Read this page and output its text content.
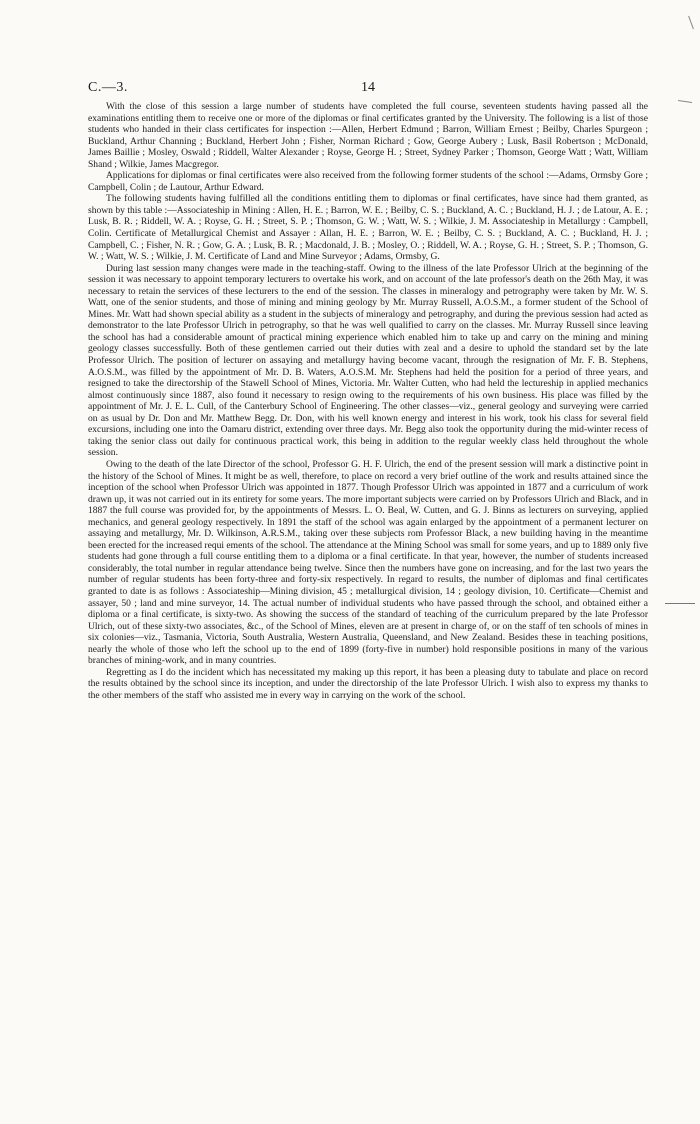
C.—3.	14

With the close of this session a large number of students have completed the full course, seventeen students having passed all the examinations entitling them to receive one or more of the diplomas or final certificates granted by the University. The following is a list of those students who handed in their class certificates for inspection :—Allen, Herbert Edmund ; Barron, William Ernest ; Beilby, Charles Spurgeon ; Buckland, Arthur Channing ; Buckland, Herbert John ; Fisher, Norman Richard ; Gow, George Aubery ; Lusk, Basil Robertson ; McDonald, James Baillie ; Mosley, Oswald ; Riddell, Walter Alexander ; Royse, George H. ; Street, Sydney Parker ; Thomson, George Watt ; Watt, William Shand ; Wilkie, James Macgregor.

Applications for diplomas or final certificates were also received from the following former students of the school :—Adams, Ormsby Gore ; Campbell, Colin ; de Lautour, Arthur Edward.

The following students having fulfilled all the conditions entitling them to diplomas or final certificates, have since had them granted, as shown by this table :—Associateship in Mining : Allen, H. E. ; Barron, W. E. ; Beilby, C. S. ; Buckland, A. C. ; Buckland, H. J. ; de Latour, A. E. ; Lusk, B. R. ; Riddell, W. A. ; Royse, G. H. ; Street, S. P. ; Thomson, G. W. ; Watt, W. S. ; Wilkie, J. M. Associateship in Metallurgy : Campbell, Colin. Certificate of Metallurgical Chemist and Assayer : Allan, H. E. ; Barron, W. E. ; Beilby, C. S. ; Buckland, A. C. ; Buckland, H. J. ; Campbell, C. ; Fisher, N. R. ; Gow, G. A. ; Lusk, B. R. ; Macdonald, J. B. ; Mosley, O. ; Riddell, W. A. ; Royse, G. H. ; Street, S. P. ; Thomson, G. W. ; Watt, W. S. ; Wilkie, J. M. Certificate of Land and Mine Surveyor ; Adams, Ormsby, G.

During last session many changes were made in the teaching-staff. Owing to the illness of the late Professor Ulrich at the beginning of the session it was necessary to appoint temporary lecturers to overtake his work, and on account of the late professor's death on the 26th May, it was necessary to retain the services of these lecturers to the end of the session. The classes in mineralogy and petrography were taken by Mr. W. S. Watt, one of the senior students, and those of mining and mining geology by Mr. Murray Russell, A.O.S.M., a former student of the School of Mines. Mr. Watt had shown special ability as a student in the subjects of mineralogy and petrography, and during the previous session had acted as demonstrator to the late Professor Ulrich in petrography, so that he was well qualified to carry on the classes. Mr. Murray Russell since leaving the school has had a considerable amount of practical mining experience which enabled him to take up and carry on the mining and mining geology classes successfully. Both of these gentlemen carried out their duties with zeal and a desire to uphold the standard set by the late Professor Ulrich. The position of lecturer on assaying and metallurgy having become vacant, through the resignation of Mr. F. B. Stephens, A.O.S.M., was filled by the appointment of Mr. D. B. Waters, A.O.S.M. Mr. Stephens had held the position for a period of three years, and resigned to take the directorship of the Stawell School of Mines, Victoria. Mr. Walter Cutten, who had held the lectureship in applied mechanics almost continuously since 1887, also found it necessary to resign owing to the requirements of his own business. His place was filled by the appointment of Mr. J. E. L. Cull, of the Canterbury School of Engineering. The other classes—viz., general geology and surveying were carried on as usual by Dr. Don and Mr. Matthew Begg. Dr. Don, with his well known energy and interest in his work, took his class for several field excursions, including one into the Oamaru district, extending over three days. Mr. Begg also took the opportunity during the mid-winter recess of taking the senior class out daily for continuous practical work, this being in addition to the regular weekly class held throughout the whole session.

Owing to the death of the late Director of the school, Professor G. H. F. Ulrich, the end of the present session will mark a distinctive point in the history of the School of Mines. It might be as well, therefore, to place on record a very brief outline of the work and results attained since the inception of the school when Professor Ulrich was appointed in 1877. Though Professor Ulrich was appointed in 1877 and a curriculum of work drawn up, it was not carried out in its entirety for some years. The more important subjects were carried on by Professors Ulrich and Black, and in 1887 the full course was provided for, by the appointments of Messrs. L. O. Beal, W. Cutten, and G. J. Binns as lecturers on surveying, applied mechanics, and general geology respectively. In 1891 the staff of the school was again enlarged by the appointment of a permanent lecturer on assaying and metallurgy, Mr. D. Wilkinson, A.R.S.M., taking over these subjects rom Professor Black, a new building having in the meantime been erected for the increased requi ements of the school. The attendance at the Mining School was small for some years, and up to 1889 only five students had gone through a full course entitling them to a diploma or a final certificate. In that year, however, the number of students increased considerably, the total number in regular attendance being twelve. Since then the numbers have gone on increasing, and for the last two years the number of regular students has been forty-three and forty-six respectively. In regard to results, the number of diplomas and final certificates granted to date is as follows : Associateship—Mining division, 45 ; metallurgical division, 14 ; geology division, 10. Certificate—Chemist and assayer, 50 ; land and mine surveyor, 14. The actual number of individual students who have passed through the school, and obtained either a diploma or a final certificate, is sixty-two. As showing the success of the standard of teaching of the curriculum prepared by the late Professor Ulrich, out of these sixty-two associates, &c., of the School of Mines, eleven are at present in charge of, or on the staff of ten schools of mines in six colonies—viz., Tasmania, Victoria, South Australia, Western Australia, Queensland, and New Zealand. Besides these in teaching positions, nearly the whole of those who left the school up to the end of 1899 (forty-five in number) hold responsible positions in many of the various branches of mining-work, and in many countries.

Regretting as I do the incident which has necessitated my making up this report, it has been a pleasing duty to tabulate and place on record the results obtained by the school since its inception, and under the directorship of the late Professor Ulrich. I wish also to express my thanks to the other members of the staff who assisted me in every way in carrying on the work of the school.
